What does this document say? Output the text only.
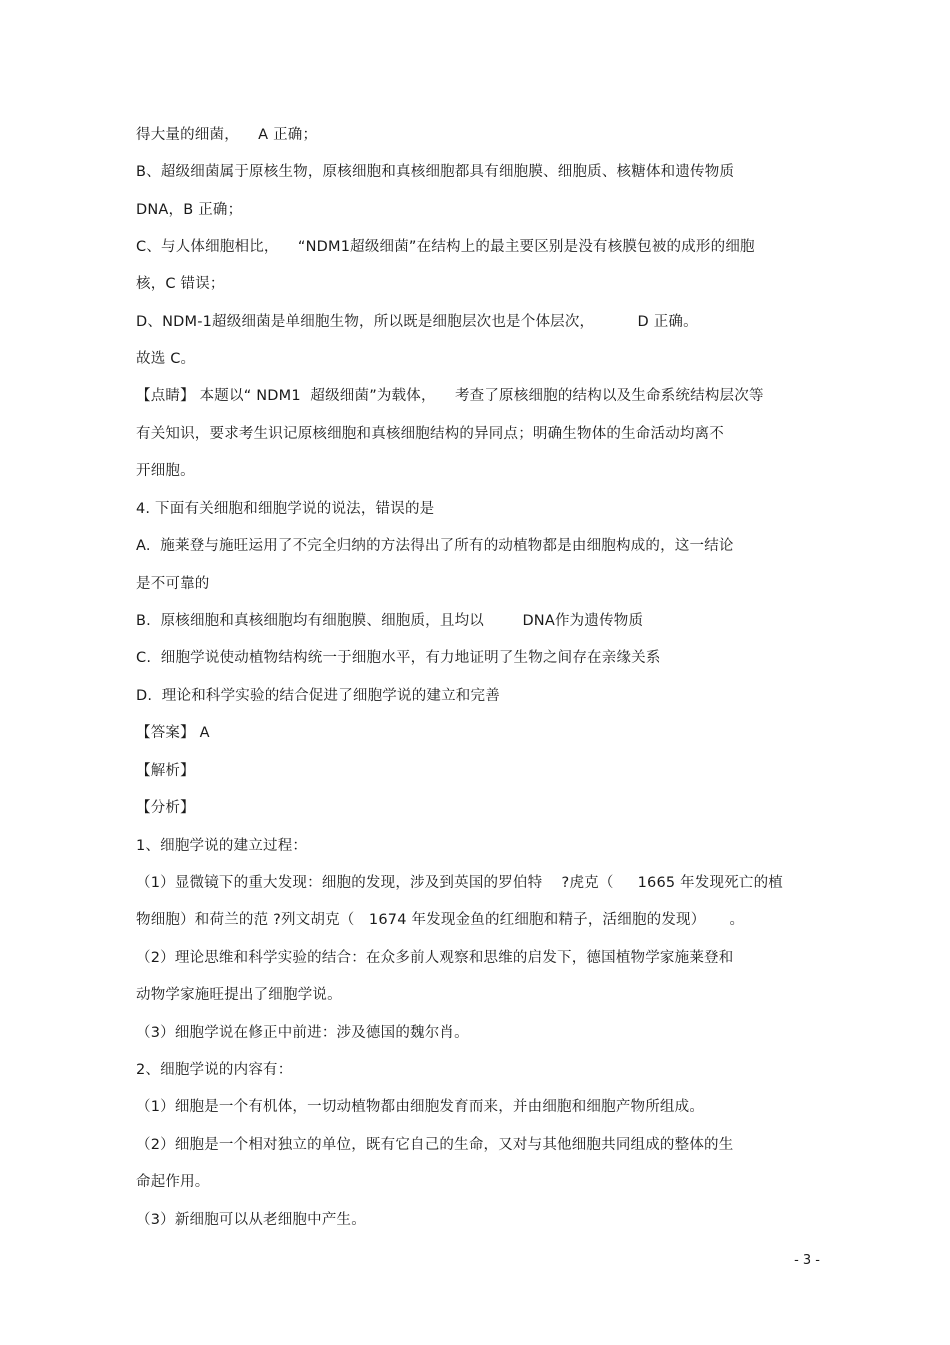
得大量的细菌，    A 正确；
B、超级细菌属于原核生物，原核细胞和真核细胞都具有细胞膜、细胞质、核糖体和遗传物质
DNA，B 正确；
C、与人体细胞相比，    “NDM1超级细菌”在结构上的最主要区别是没有核膜包被的成形的细胞
核，C 错误；
D、NDM-1超级细菌是单细胞生物，所以既是细胞层次也是个体层次，         D 正确。
故选 C。
【点睛】 本题以“ NDM1  超级细菌”为载体，    考查了原核细胞的结构以及生命系统结构层次等
有关知识，要求考生识记原核细胞和真核细胞结构的异同点；明确生物体的生命活动均离不
开细胞。
4. 下面有关细胞和细胞学说的说法，错误的是
A.  施莱登与施旺运用了不完全归纳的方法得出了所有的动植物都是由细胞构成的，这一结论
是不可靠的
B.  原核细胞和真核细胞均有细胞膜、细胞质，且均以        DNA作为遗传物质
C.  细胞学说使动植物结构统一于细胞水平，有力地证明了生物之间存在亲缘关系
D.  理论和科学实验的结合促进了细胞学说的建立和完善
【答案】 A
【解析】
【分析】
1、细胞学说的建立过程：
（1）显微镜下的重大发现：细胞的发现，涉及到英国的罗伯特    ?虎克（     1665 年发现死亡的植
物细胞）和荷兰的范 ?列文胡克（   1674 年发现金鱼的红细胞和精子，活细胞的发现）     。
（2）理论思维和科学实验的结合：在众多前人观察和思维的启发下，德国植物学家施莱登和
动物学家施旺提出了细胞学说。
（3）细胞学说在修正中前进：涉及德国的魏尔肖。
2、细胞学说的内容有：
（1）细胞是一个有机体，一切动植物都由细胞发育而来，并由细胞和细胞产物所组成。
（2）细胞是一个相对独立的单位，既有它自己的生命，又对与其他细胞共同组成的整体的生
命起作用。
（3）新细胞可以从老细胞中产生。
- 3 -
